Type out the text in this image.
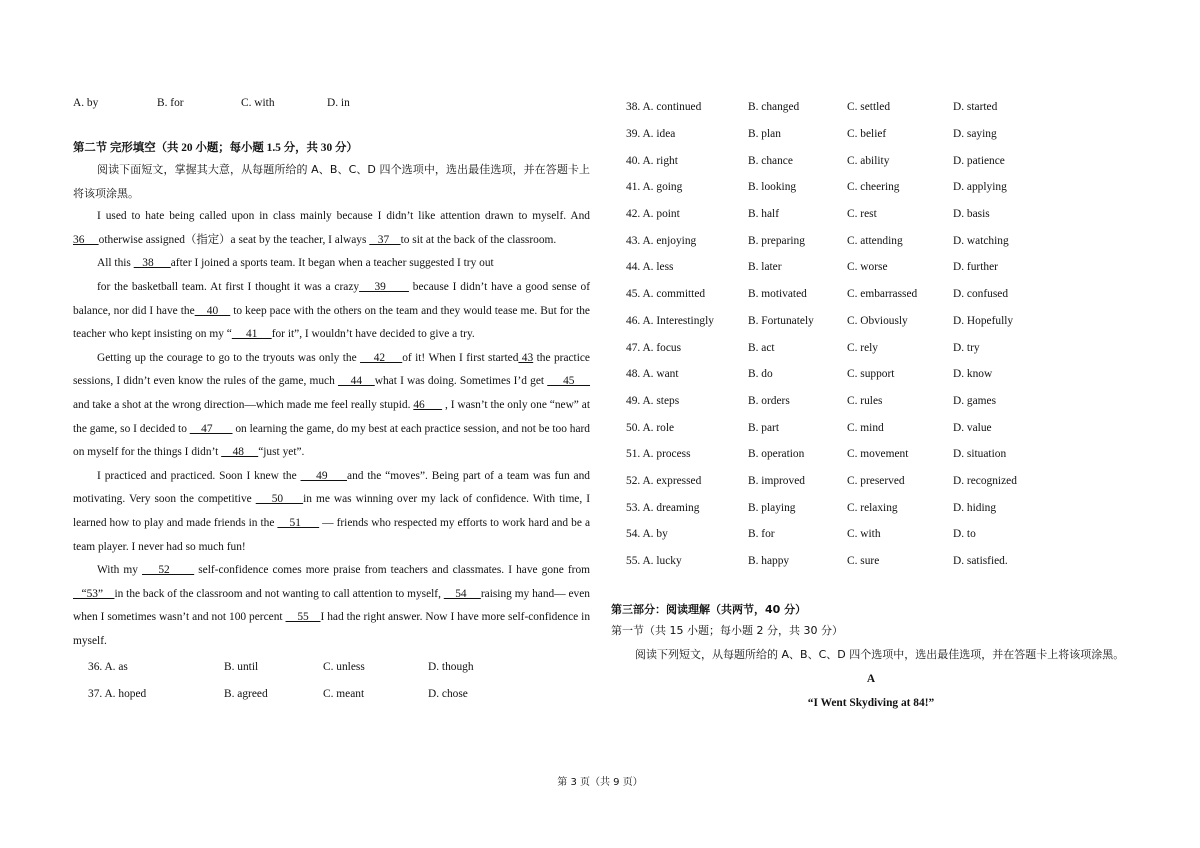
A. by	B. for	C. with	D. in
第二节 完形填空（共 20 小题；每小题 1.5 分，共 30 分）

阅读下面短文，掌握其大意，从每题所给的 A、B、C、D 四个选项中，选出最佳选项，并在答题卡上将该项涂黑。

I used to hate being called upon in class mainly because I didn’t like attention drawn to myself. And 36     otherwise assigned（指定）a seat by the teacher, I always    37    to sit at the back of the classroom.

All this    38      after I joined a sports team. It began when a teacher suggested I try out

for the basketball team. At first I thought it was a crazy    39       because I didn’t have a good sense of balance, nor did I have the    40     to keep pace with the others on the team and they would tease me. But for the teacher who kept insisting on my “     41     for it”, I wouldn’t have decided to give a try.

Getting up the courage to go to the tryouts was only the     42     of it! When I first started 43 the practice sessions, I didn’t even know the rules of the game, much     44    what I was doing. Sometimes I’d get      45      and take a shot at the wrong direction—which made me feel really stupid. 46       , I wasn’t the only one “new” at the game, so I decided to     47        on learning the game, do my best at each practice session, and not be too hard on myself for the things I didn’t     48     “just yet”.

I practiced and practiced. Soon I knew the     49     and the “moves”. Being part of a team was fun and motivating. Very soon the competitive     50     in me was winning over my lack of confidence. With time, I learned how to play and made friends in the     51       — friends who respected my efforts to work hard and be a team player. I never had so much fun!

With my     52       self-confidence comes more praise from teachers and classmates. I have gone from    “53”    in the back of the classroom and not wanting to call attention to myself,     54     raising my hand— even when I sometimes wasn’t and not 100 percent     55    I had the right answer. Now I have more self-confidence in myself.

36. A. as	B. until	C. unless	D. though
37. A. hoped	B. agreed	C. meant	D. chose
38. A. continued	B. changed	C. settled	D. started
39. A. idea	B. plan	C. belief	D. saying
40. A. right	B. chance	C. ability	D. patience
41. A. going	B. looking	C. cheering	D. applying
42. A. point	B. half	C. rest	D. basis
43. A. enjoying	B. preparing	C. attending	D. watching
44. A. less	B. later	C. worse	D. further
45. A. committed	B. motivated	C. embarrassed	D. confused
46. A. Interestingly	B. Fortunately	C. Obviously	D. Hopefully
47. A. focus	B. act	C. rely	D. try
48. A. want	B. do	C. support	D. know
49. A. steps	B. orders	C. rules	D. games
50. A. role	B. part	C. mind	D. value
51. A. process	B. operation	C. movement	D. situation
52. A. expressed	B. improved	C. preserved	D. recognized
53. A. dreaming	B. playing	C. relaxing	D. hiding
54. A. by	B. for	C. with	D. to
55. A. lucky	B. happy	C. sure	D. satisfied.
第三部分：阅读理解（共两节，40 分）
第一节（共 15 小题；每小题 2 分，共 30 分）

阅读下列短文，从每题所给的 A、B、C、D 四个选项中，选出最佳选项，并在答题卡上将该项涂黑。

A
“I Went Skydiving at 84!”
第 3 页（共 9 页）
